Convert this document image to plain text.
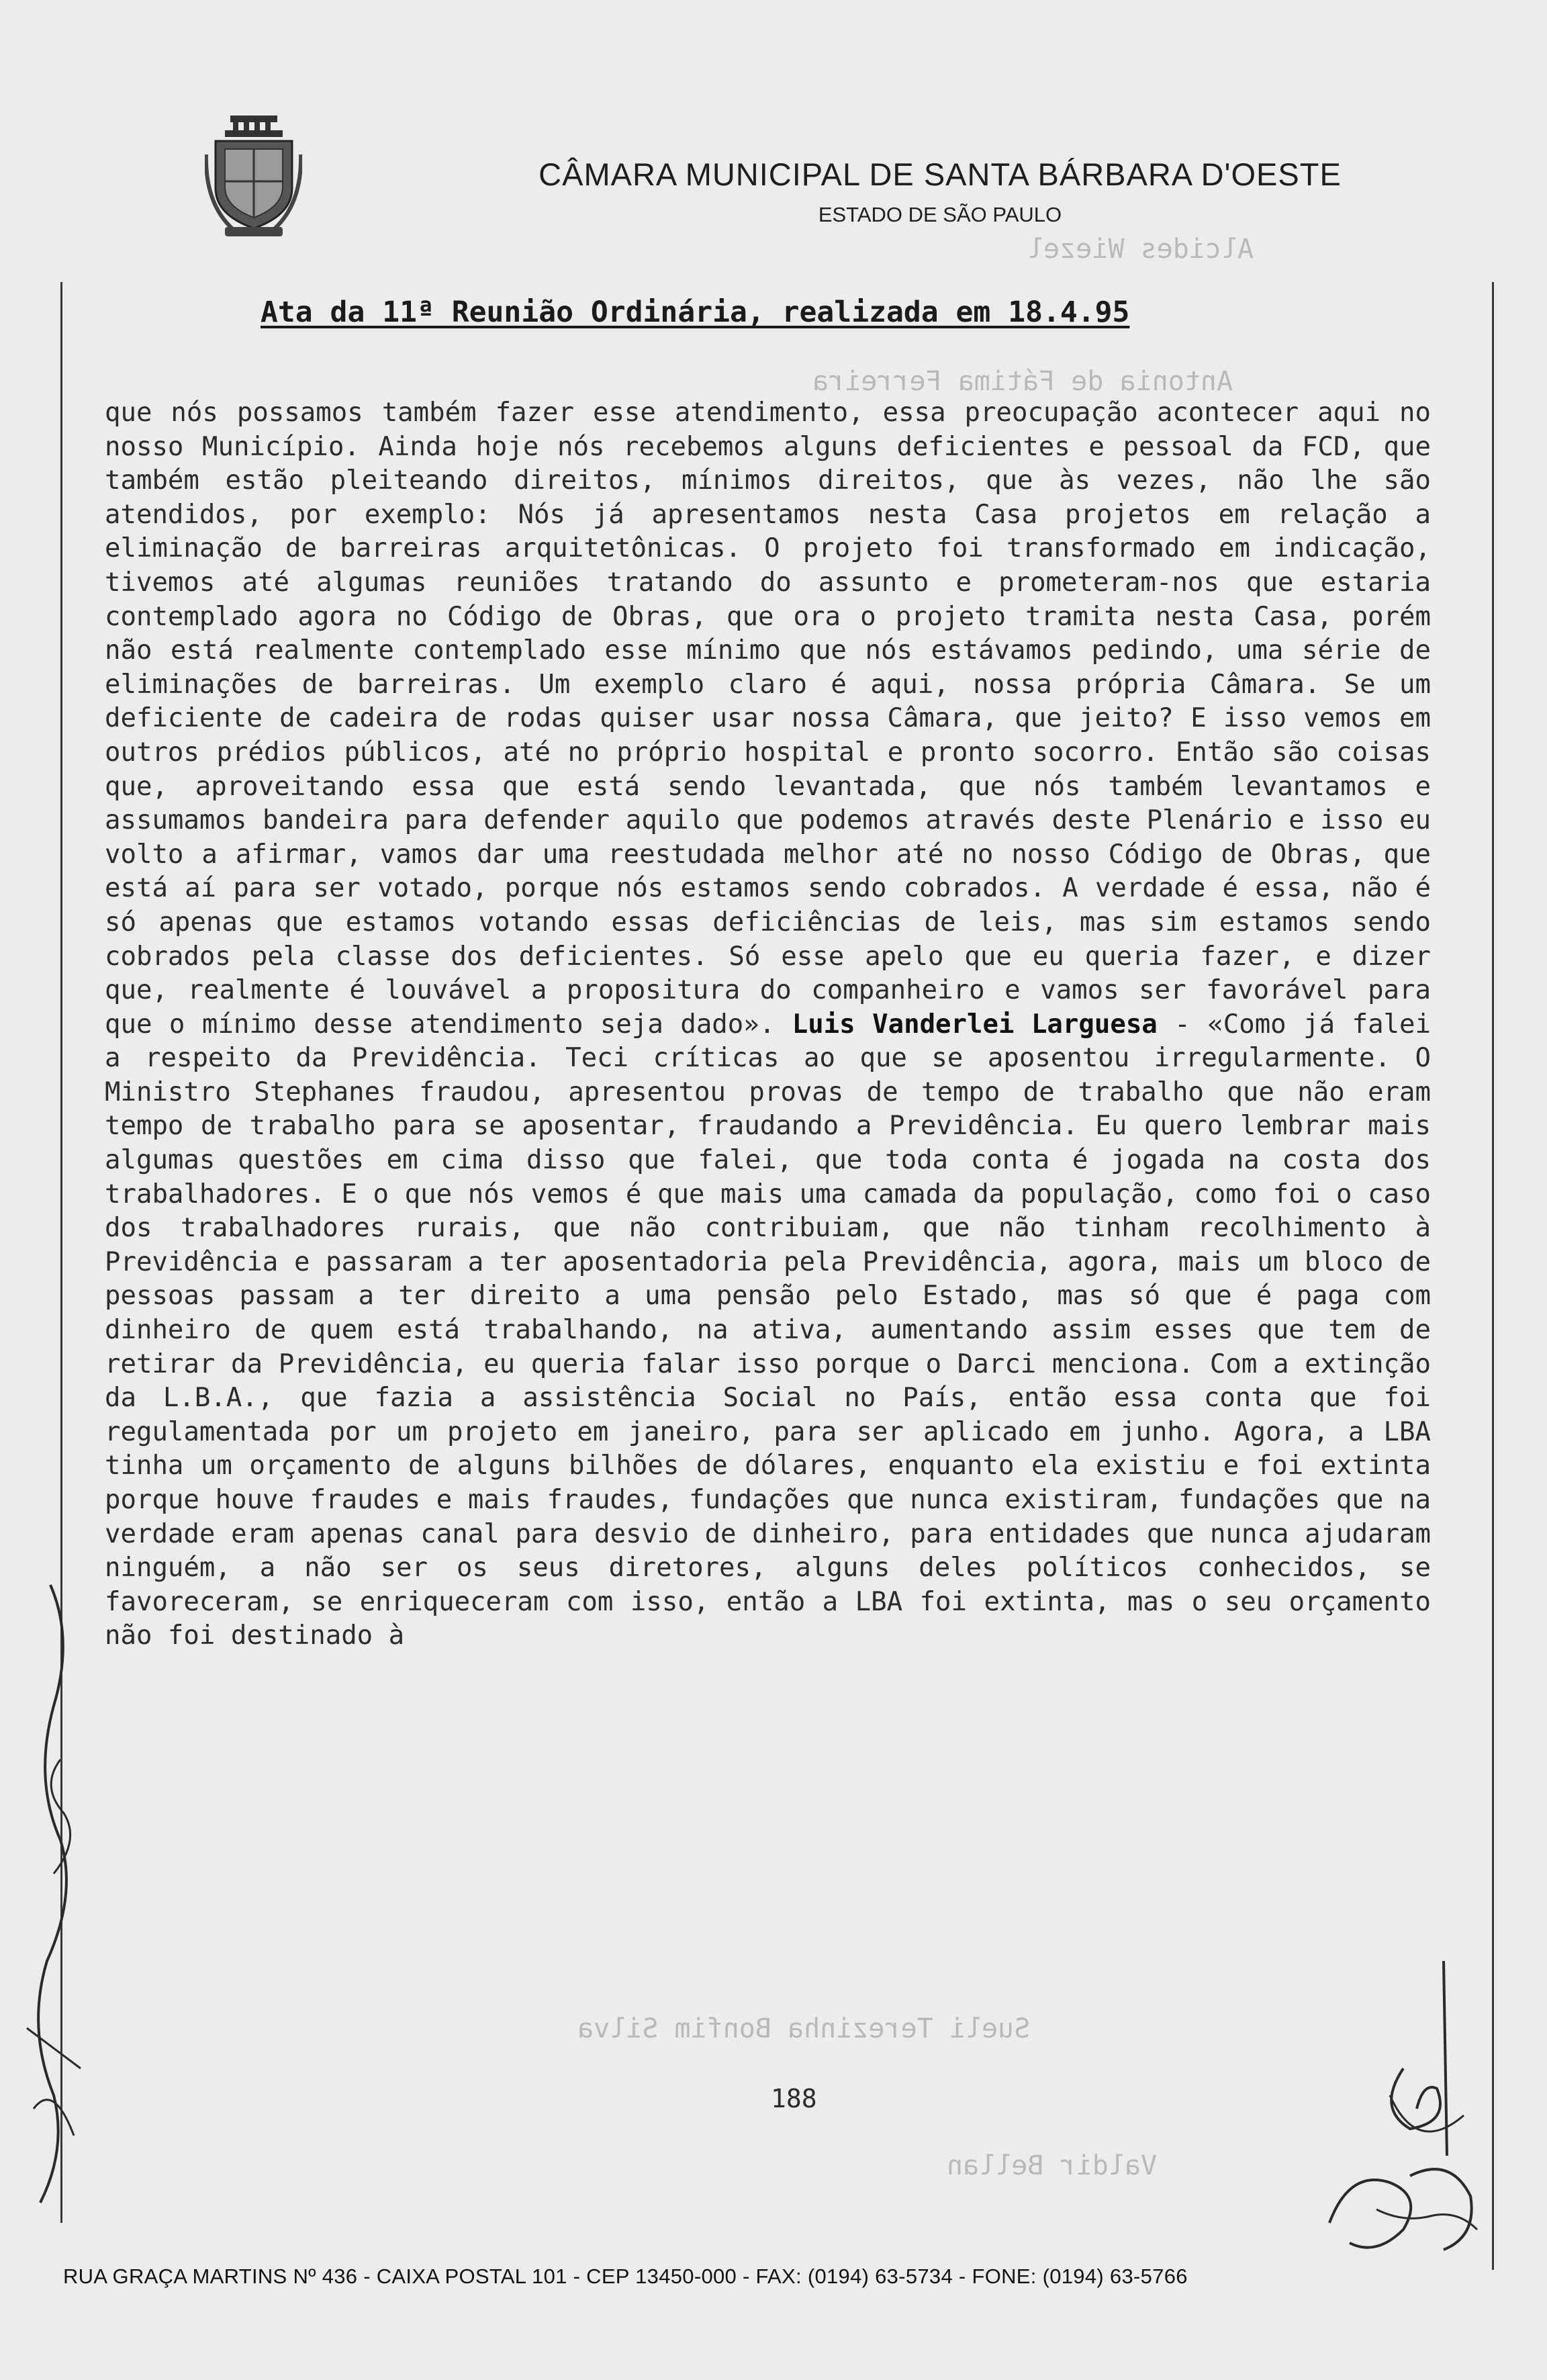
CÂMARA MUNICIPAL DE SANTA BÁRBARA D'OESTE
ESTADO DE SÃO PAULO
Alcides Wiezel
Antonia de Fátima Ferreira
Sueli Terezinha Bonfim Silva
Valdir Bellan
Ata da 11ª Reunião Ordinária, realizada em 18.4.95

que nós possamos também fazer esse atendimento, essa preocupação acontecer aqui no nosso Município. Ainda hoje nós recebemos alguns deficientes e pessoal da FCD, que também estão pleiteando direitos, mínimos direitos, que às vezes, não lhe são atendidos, por exemplo: Nós já apresentamos nesta Casa projetos em relação a eliminação de barreiras arquitetônicas. O projeto foi transformado em indicação, tivemos até algumas reuniões tratando do assunto e prometeram-nos que estaria contemplado agora no Código de Obras, que ora o projeto tramita nesta Casa, porém não está realmente contemplado esse mínimo que nós estávamos pedindo, uma série de eliminações de barreiras. Um exemplo claro é aqui, nossa própria Câmara. Se um deficiente de cadeira de rodas quiser usar nossa Câmara, que jeito? E isso vemos em outros prédios públicos, até no próprio hospital e pronto socorro. Então são coisas que, aproveitando essa que está sendo levantada, que nós também levantamos e assumamos bandeira para defender aquilo que podemos através deste Plenário e isso eu volto a afirmar, vamos dar uma reestudada melhor até no nosso Código de Obras, que está aí para ser votado, porque nós estamos sendo cobrados. A verdade é essa, não é só apenas que estamos votando essas deficiências de leis, mas sim estamos sendo cobrados pela classe dos deficientes. Só esse apelo que eu queria fazer, e dizer que, realmente é louvável a propositura do companheiro e vamos ser favorável para que o mínimo desse atendimento seja dado». Luis Vanderlei Larguesa - «Como já falei a respeito da Previdência. Teci críticas ao que se aposentou irregularmente. O Ministro Stephanes fraudou, apresentou provas de tempo de trabalho que não eram tempo de trabalho para se aposentar, fraudando a Previdência. Eu quero lembrar mais algumas questões em cima disso que falei, que toda conta é jogada na costa dos trabalhadores. E o que nós vemos é que mais uma camada da população, como foi o caso dos trabalhadores rurais, que não contribuiam, que não tinham recolhimento à Previdência e passaram a ter aposentadoria pela Previdência, agora, mais um bloco de pessoas passam a ter direito a uma pensão pelo Estado, mas só que é paga com dinheiro de quem está trabalhando, na ativa, aumentando assim esses que tem de retirar da Previdência, eu queria falar isso porque o Darci menciona. Com a extinção da L.B.A., que fazia a assistência Social no País, então essa conta que foi regulamentada por um projeto em janeiro, para ser aplicado em junho. Agora, a LBA tinha um orçamento de alguns bilhões de dólares, enquanto ela existiu e foi extinta porque houve fraudes e mais fraudes, fundações que nunca existiram, fundações que na verdade eram apenas canal para desvio de dinheiro, para entidades que nunca ajudaram ninguém, a não ser os seus diretores, alguns deles políticos conhecidos, se favoreceram, se enriqueceram com isso, então a LBA foi extinta, mas o seu orçamento não foi destinado à

188
RUA GRAÇA MARTINS Nº 436 - CAIXA POSTAL 101 - CEP 13450-000 - FAX: (0194) 63-5734 - FONE: (0194) 63-5766
